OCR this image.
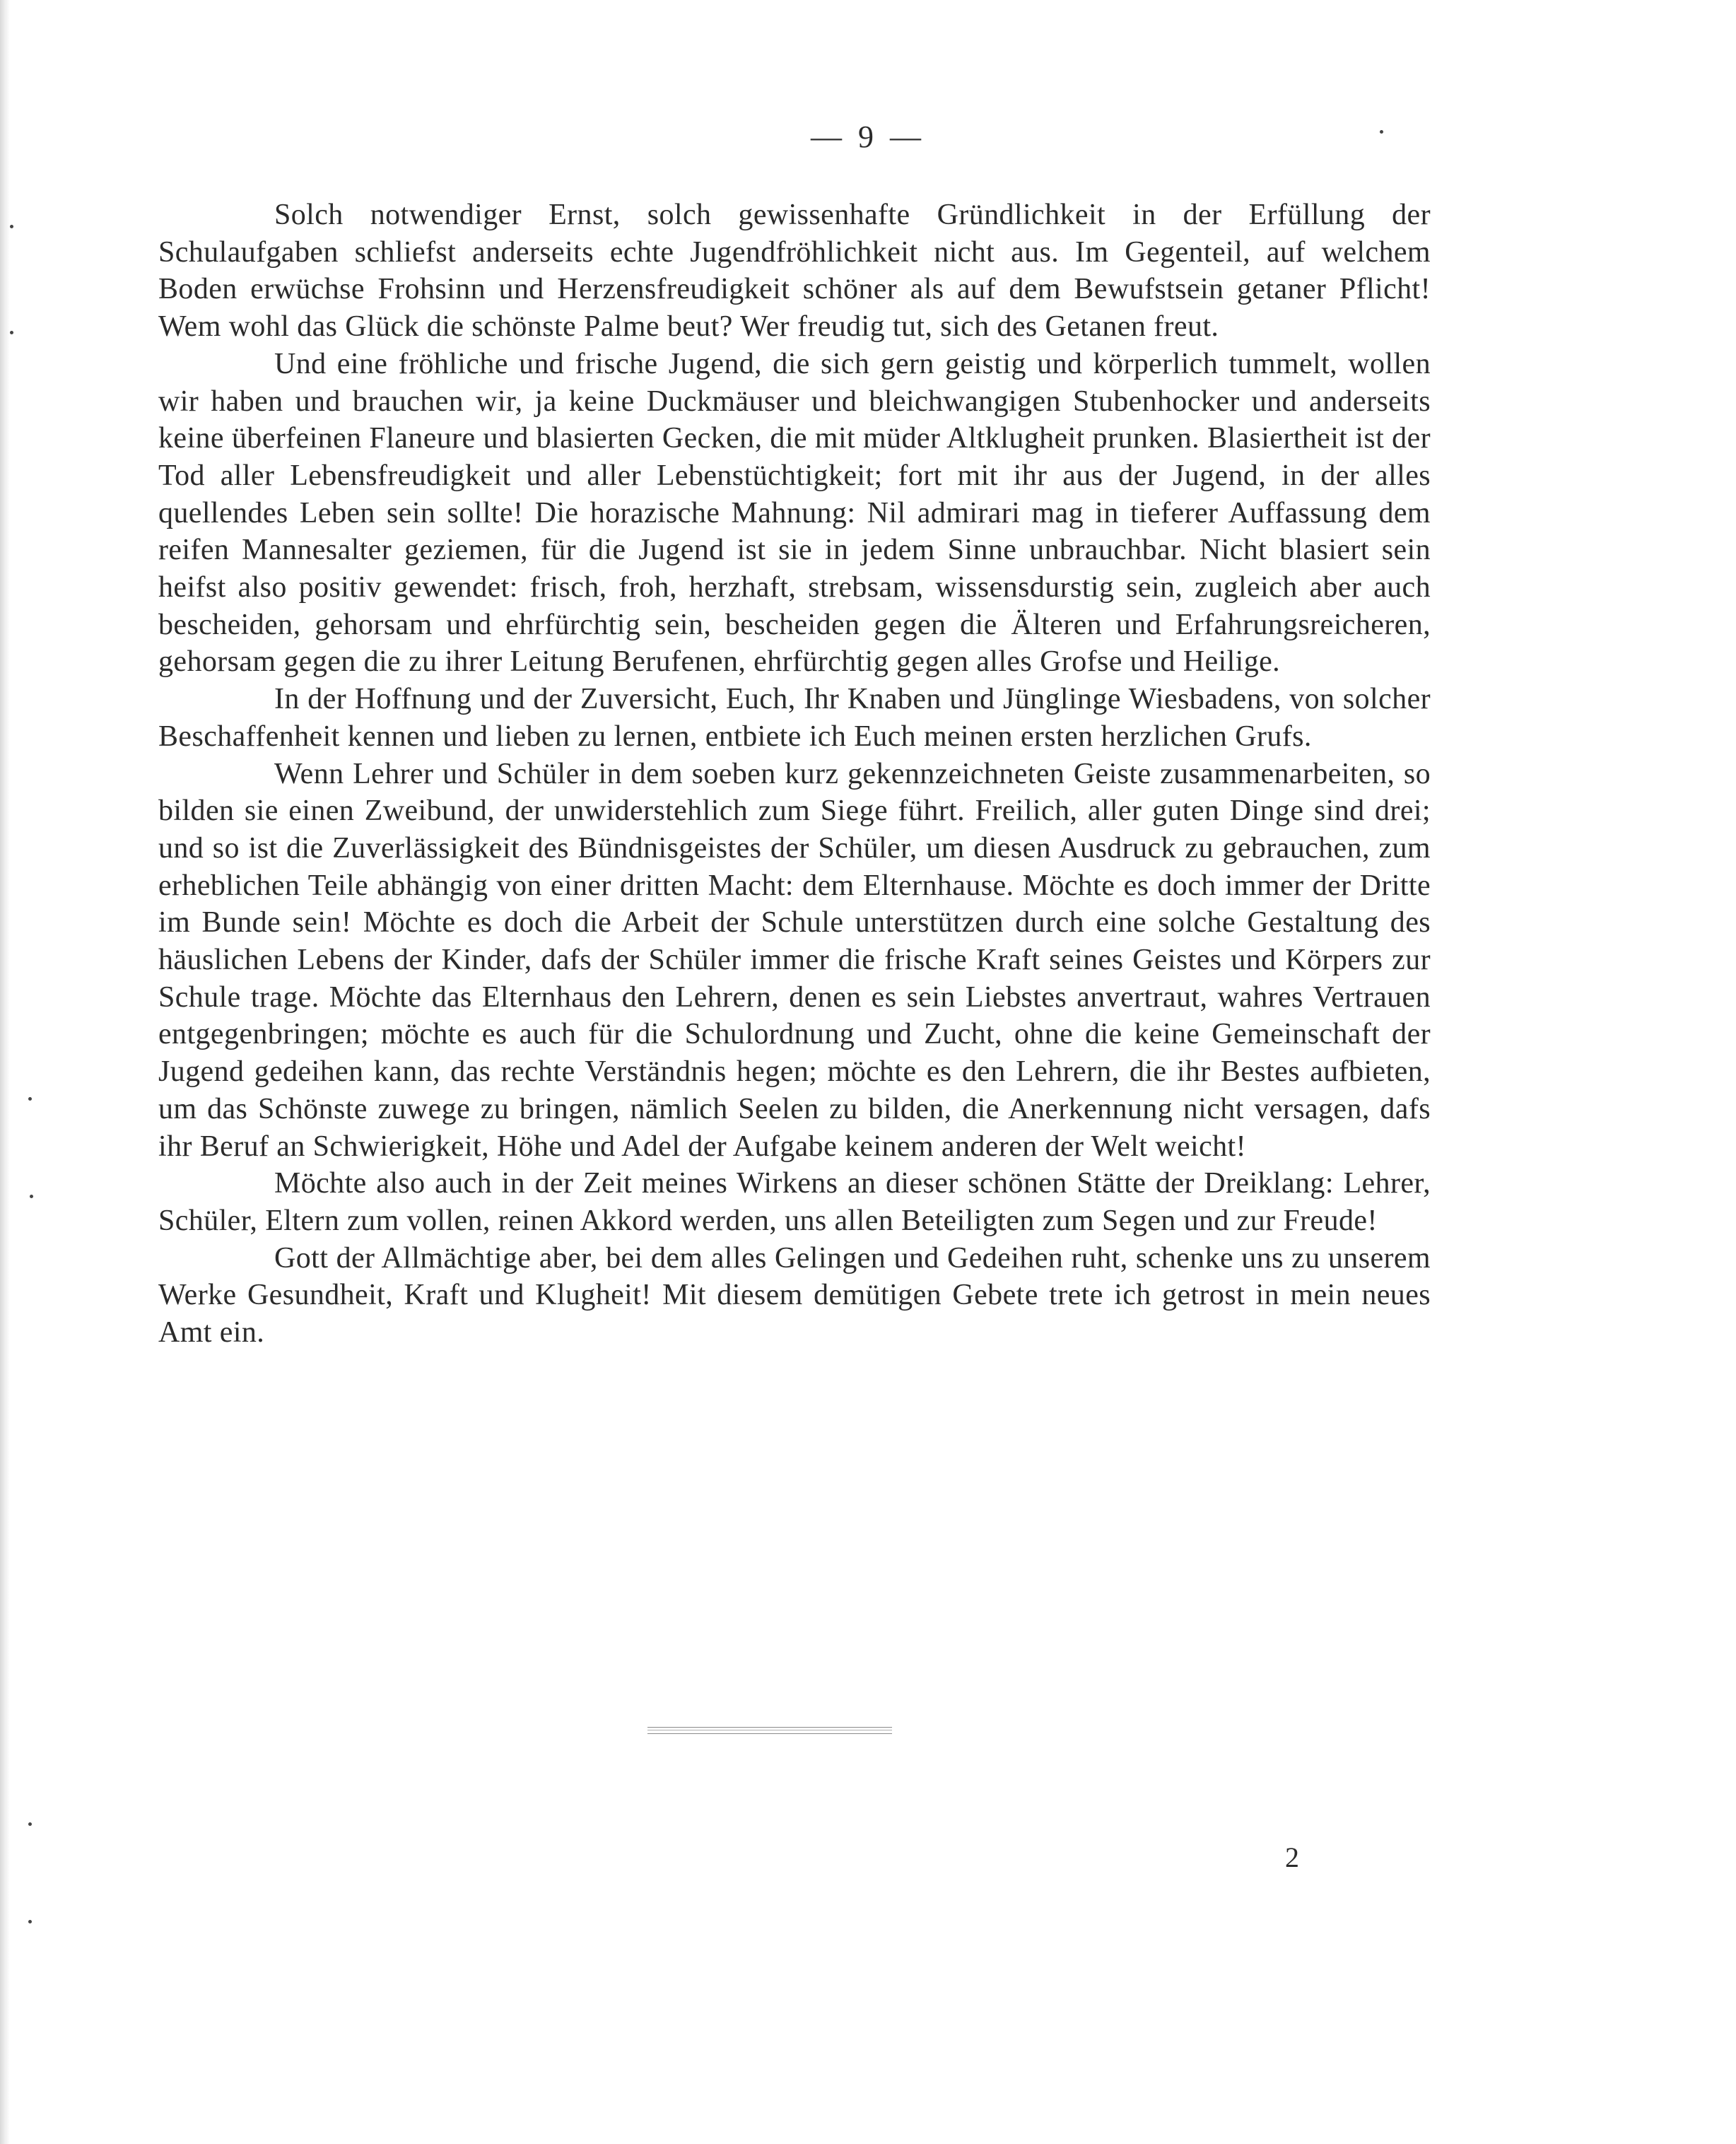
— 9 —

Solch notwendiger Ernst, solch gewissenhafte Gründlichkeit in der Erfüllung der Schulaufgaben schliefst anderseits echte Jugendfröhlichkeit nicht aus. Im Gegenteil, auf welchem Boden erwüchse Frohsinn und Herzensfreudigkeit schöner als auf dem Bewufstsein getaner Pflicht! Wem wohl das Glück die schönste Palme beut? Wer freudig tut, sich des Getanen freut.

Und eine fröhliche und frische Jugend, die sich gern geistig und körperlich tummelt, wollen wir haben und brauchen wir, ja keine Duckmäuser und bleichwangigen Stubenhocker und anderseits keine überfeinen Flaneure und blasierten Gecken, die mit müder Altklugheit prunken. Blasiertheit ist der Tod aller Lebensfreudigkeit und aller Lebenstüchtigkeit; fort mit ihr aus der Jugend, in der alles quellendes Leben sein sollte! Die horazische Mahnung: Nil admirari mag in tieferer Auffassung dem reifen Mannesalter geziemen, für die Jugend ist sie in jedem Sinne unbrauchbar. Nicht blasiert sein heifst also positiv gewendet: frisch, froh, herzhaft, strebsam, wissensdurstig sein, zugleich aber auch bescheiden, gehorsam und ehrfürchtig sein, bescheiden gegen die Älteren und Erfahrungsreicheren, gehorsam gegen die zu ihrer Leitung Berufenen, ehrfürchtig gegen alles Grofse und Heilige.

In der Hoffnung und der Zuversicht, Euch, Ihr Knaben und Jünglinge Wiesbadens, von solcher Beschaffenheit kennen und lieben zu lernen, entbiete ich Euch meinen ersten herzlichen Grufs.

Wenn Lehrer und Schüler in dem soeben kurz gekennzeichneten Geiste zusammenarbeiten, so bilden sie einen Zweibund, der unwiderstehlich zum Siege führt. Freilich, aller guten Dinge sind drei; und so ist die Zuverlässigkeit des Bündnisgeistes der Schüler, um diesen Ausdruck zu gebrauchen, zum erheblichen Teile abhängig von einer dritten Macht: dem Elternhause. Möchte es doch immer der Dritte im Bunde sein! Möchte es doch die Arbeit der Schule unterstützen durch eine solche Gestaltung des häuslichen Lebens der Kinder, dafs der Schüler immer die frische Kraft seines Geistes und Körpers zur Schule trage. Möchte das Elternhaus den Lehrern, denen es sein Liebstes anvertraut, wahres Vertrauen entgegenbringen; möchte es auch für die Schulordnung und Zucht, ohne die keine Gemeinschaft der Jugend gedeihen kann, das rechte Verständnis hegen; möchte es den Lehrern, die ihr Bestes aufbieten, um das Schönste zuwege zu bringen, nämlich Seelen zu bilden, die Anerkennung nicht versagen, dafs ihr Beruf an Schwierigkeit, Höhe und Adel der Aufgabe keinem anderen der Welt weicht!

Möchte also auch in der Zeit meines Wirkens an dieser schönen Stätte der Dreiklang: Lehrer, Schüler, Eltern zum vollen, reinen Akkord werden, uns allen Beteiligten zum Segen und zur Freude!

Gott der Allmächtige aber, bei dem alles Gelingen und Gedeihen ruht, schenke uns zu unserem Werke Gesundheit, Kraft und Klugheit! Mit diesem demütigen Gebete trete ich getrost in mein neues Amt ein.

2
